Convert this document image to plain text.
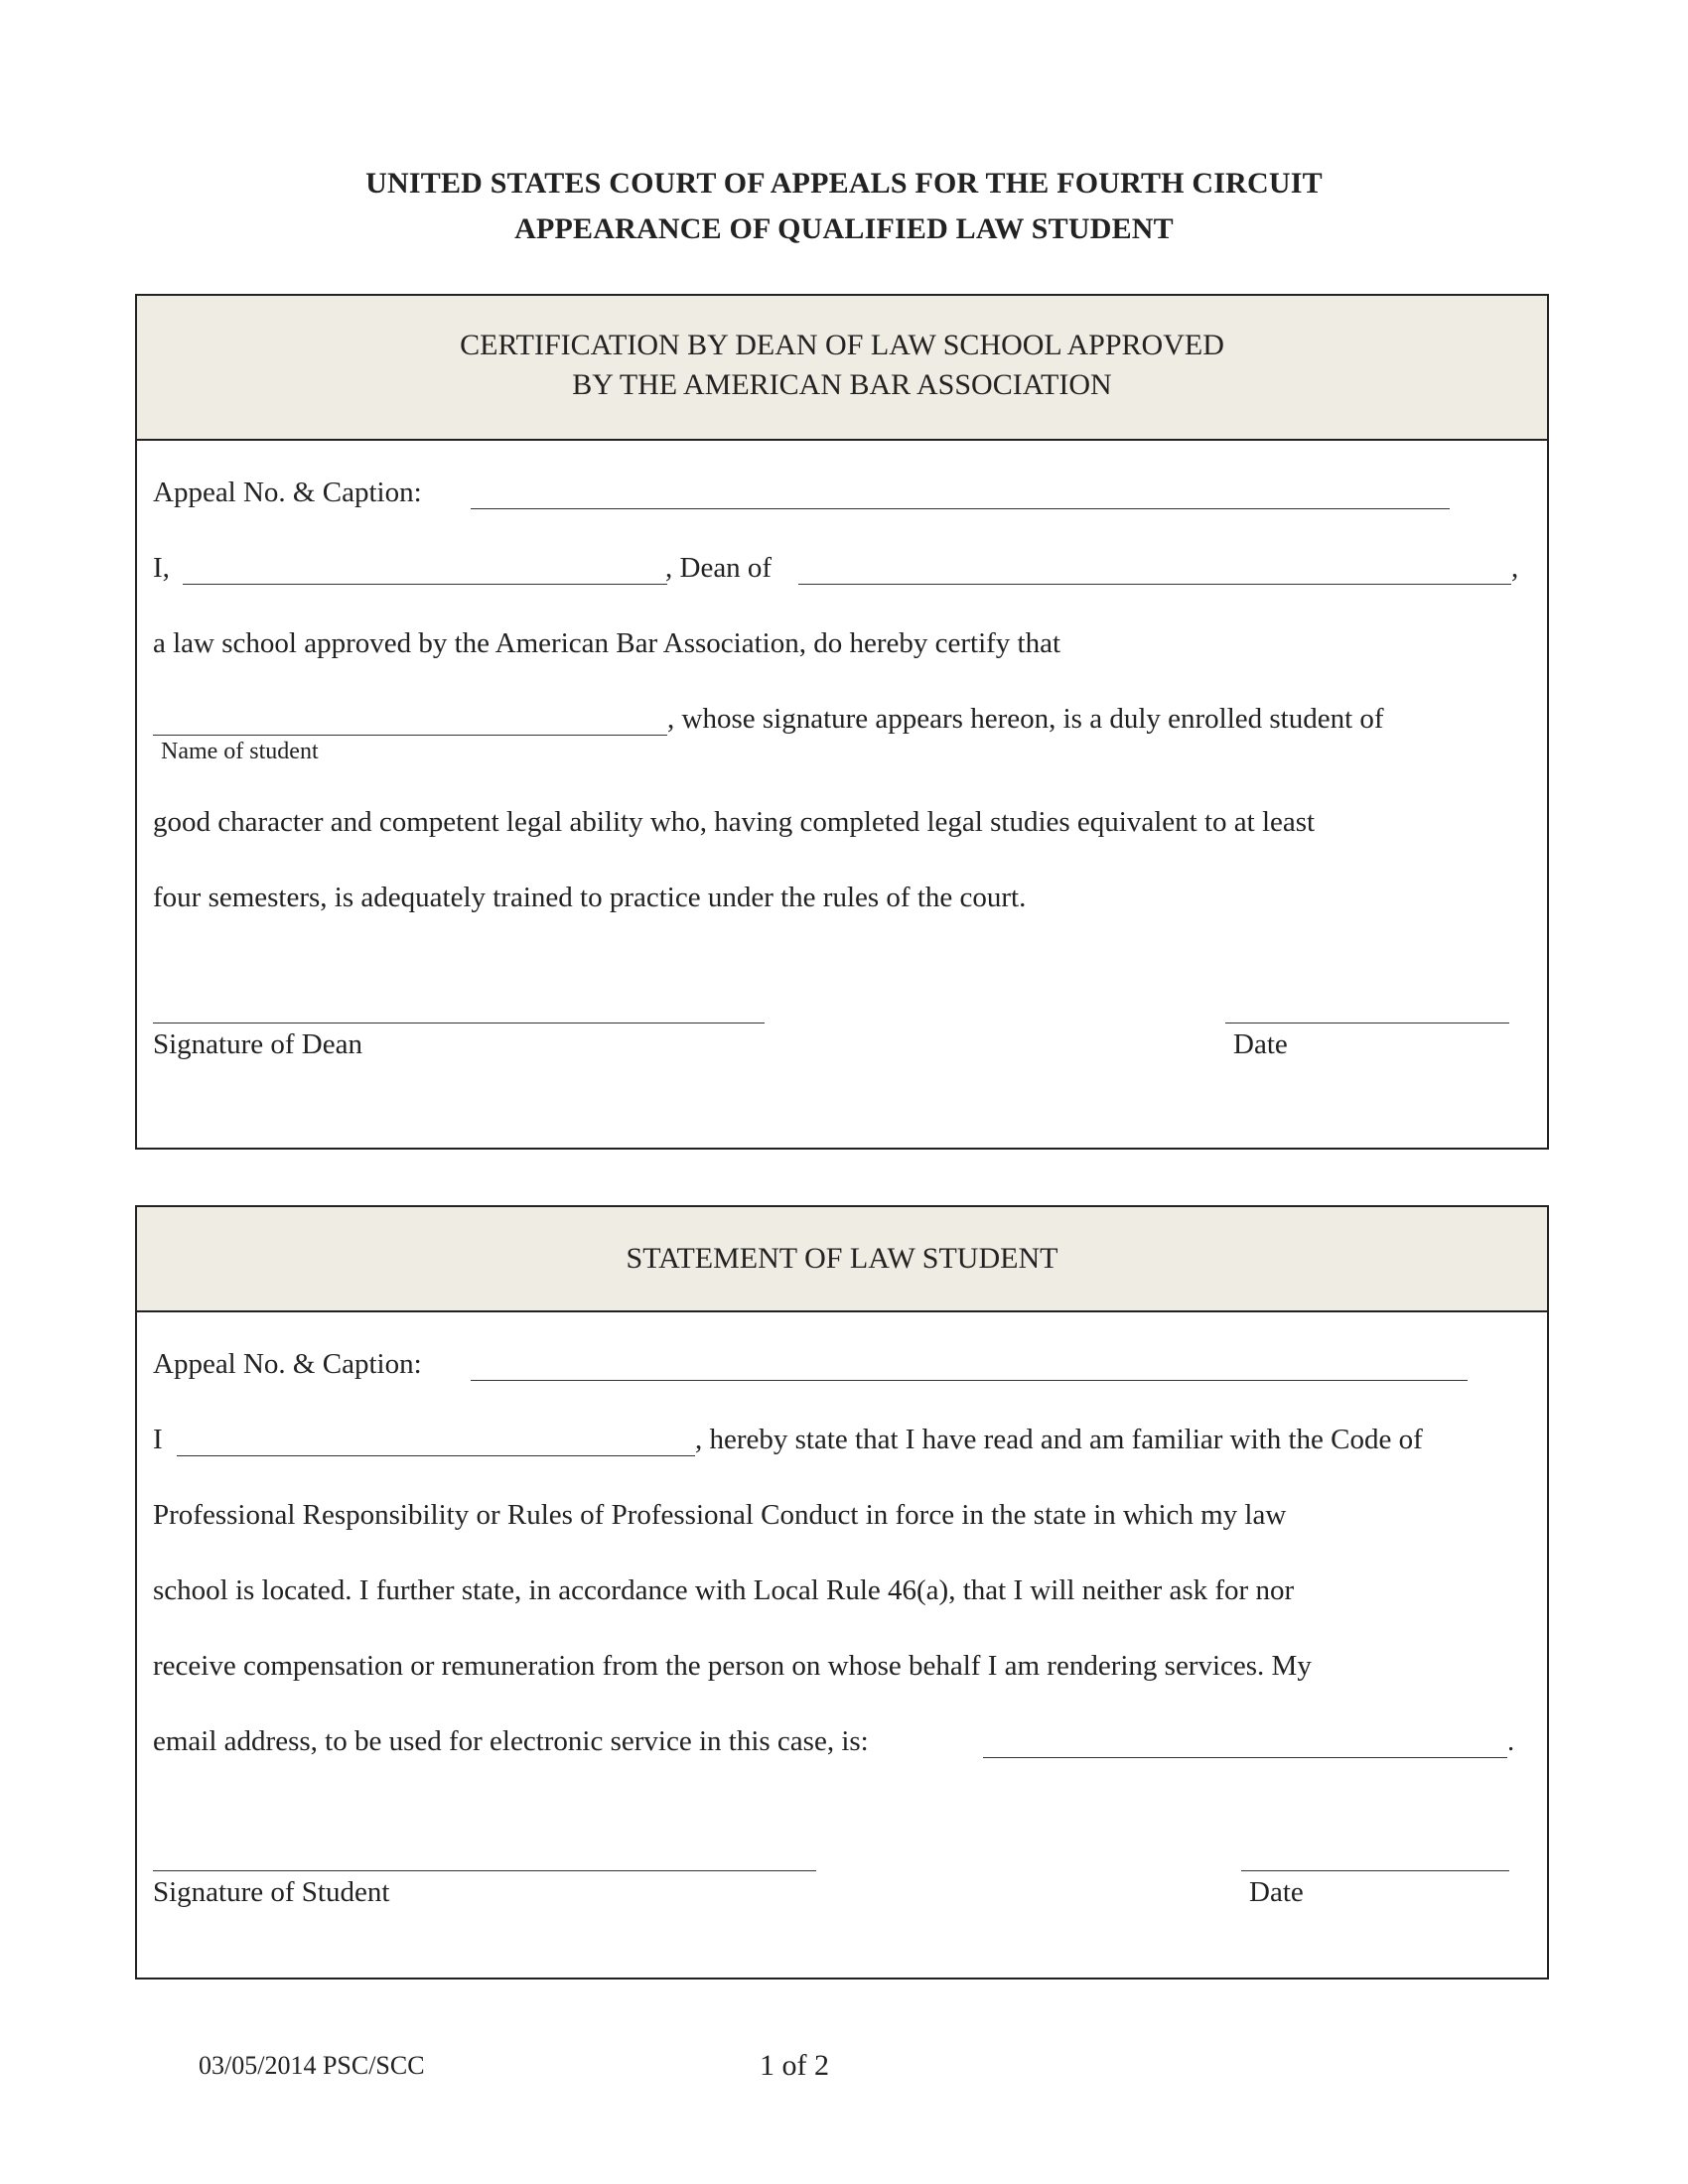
UNITED STATES COURT OF APPEALS FOR THE FOURTH CIRCUIT
APPEARANCE OF QUALIFIED LAW STUDENT
CERTIFICATION BY DEAN OF LAW SCHOOL APPROVED
BY THE AMERICAN BAR ASSOCIATION
Appeal No. & Caption:
I,	, Dean of	,
a law school approved by the American Bar Association, do hereby certify that
, whose signature appears hereon, is a duly enrolled student of
Name of student
good character and competent legal ability who, having completed legal studies equivalent to at least
four semesters, is adequately trained to practice under the rules of the court.
Signature of Dean	Date
STATEMENT OF LAW STUDENT
Appeal No. & Caption:
I	, hereby state that I have read and am familiar with the Code of
Professional Responsibility or Rules of Professional Conduct in force in the state in which my law
school is located. I further state, in accordance with Local Rule 46(a), that I will neither ask for nor
receive compensation or remuneration from the person on whose behalf I am rendering services. My
email address, to be used for electronic service in this case, is:	.
Signature of Student	Date
03/05/2014 PSC/SCC	1 of 2
